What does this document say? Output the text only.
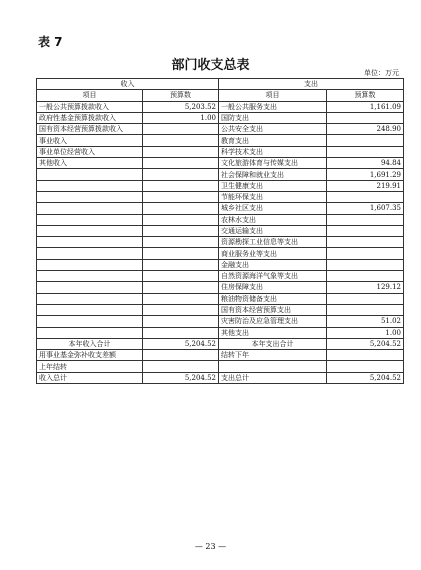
表 7
部门收支总表	单位：万元
收入		支出	
项目	预算数	项目	预算数
一般公共预算拨款收入	5,203.52	一般公共服务支出	1,161.09
政府性基金预算拨款收入	1.00	国防支出	
国有资本经营预算拨款收入		公共安全支出	248.90
事业收入		教育支出	
事业单位经营收入		科学技术支出	
其他收入		文化旅游体育与传媒支出	94.84
		社会保障和就业支出	1,691.29
		卫生健康支出	219.91
		节能环保支出	
		城乡社区支出	1,607.35
		农林水支出	
		交通运输支出	
		资源勘探工业信息等支出	
		商业服务业等支出	
		金融支出	
		自然资源海洋气象等支出	
		住房保障支出	129.12
		粮油物资储备支出	
		国有资本经营预算支出	
		灾害防治及应急管理支出	51.02
		其他支出	1.00
本年收入合计	5,204.52	本年支出合计	5,204.52
用事业基金弥补收支差额		结转下年	
上年结转			
收入总计	5,204.52	支出总计	5,204.52
— 23 —
